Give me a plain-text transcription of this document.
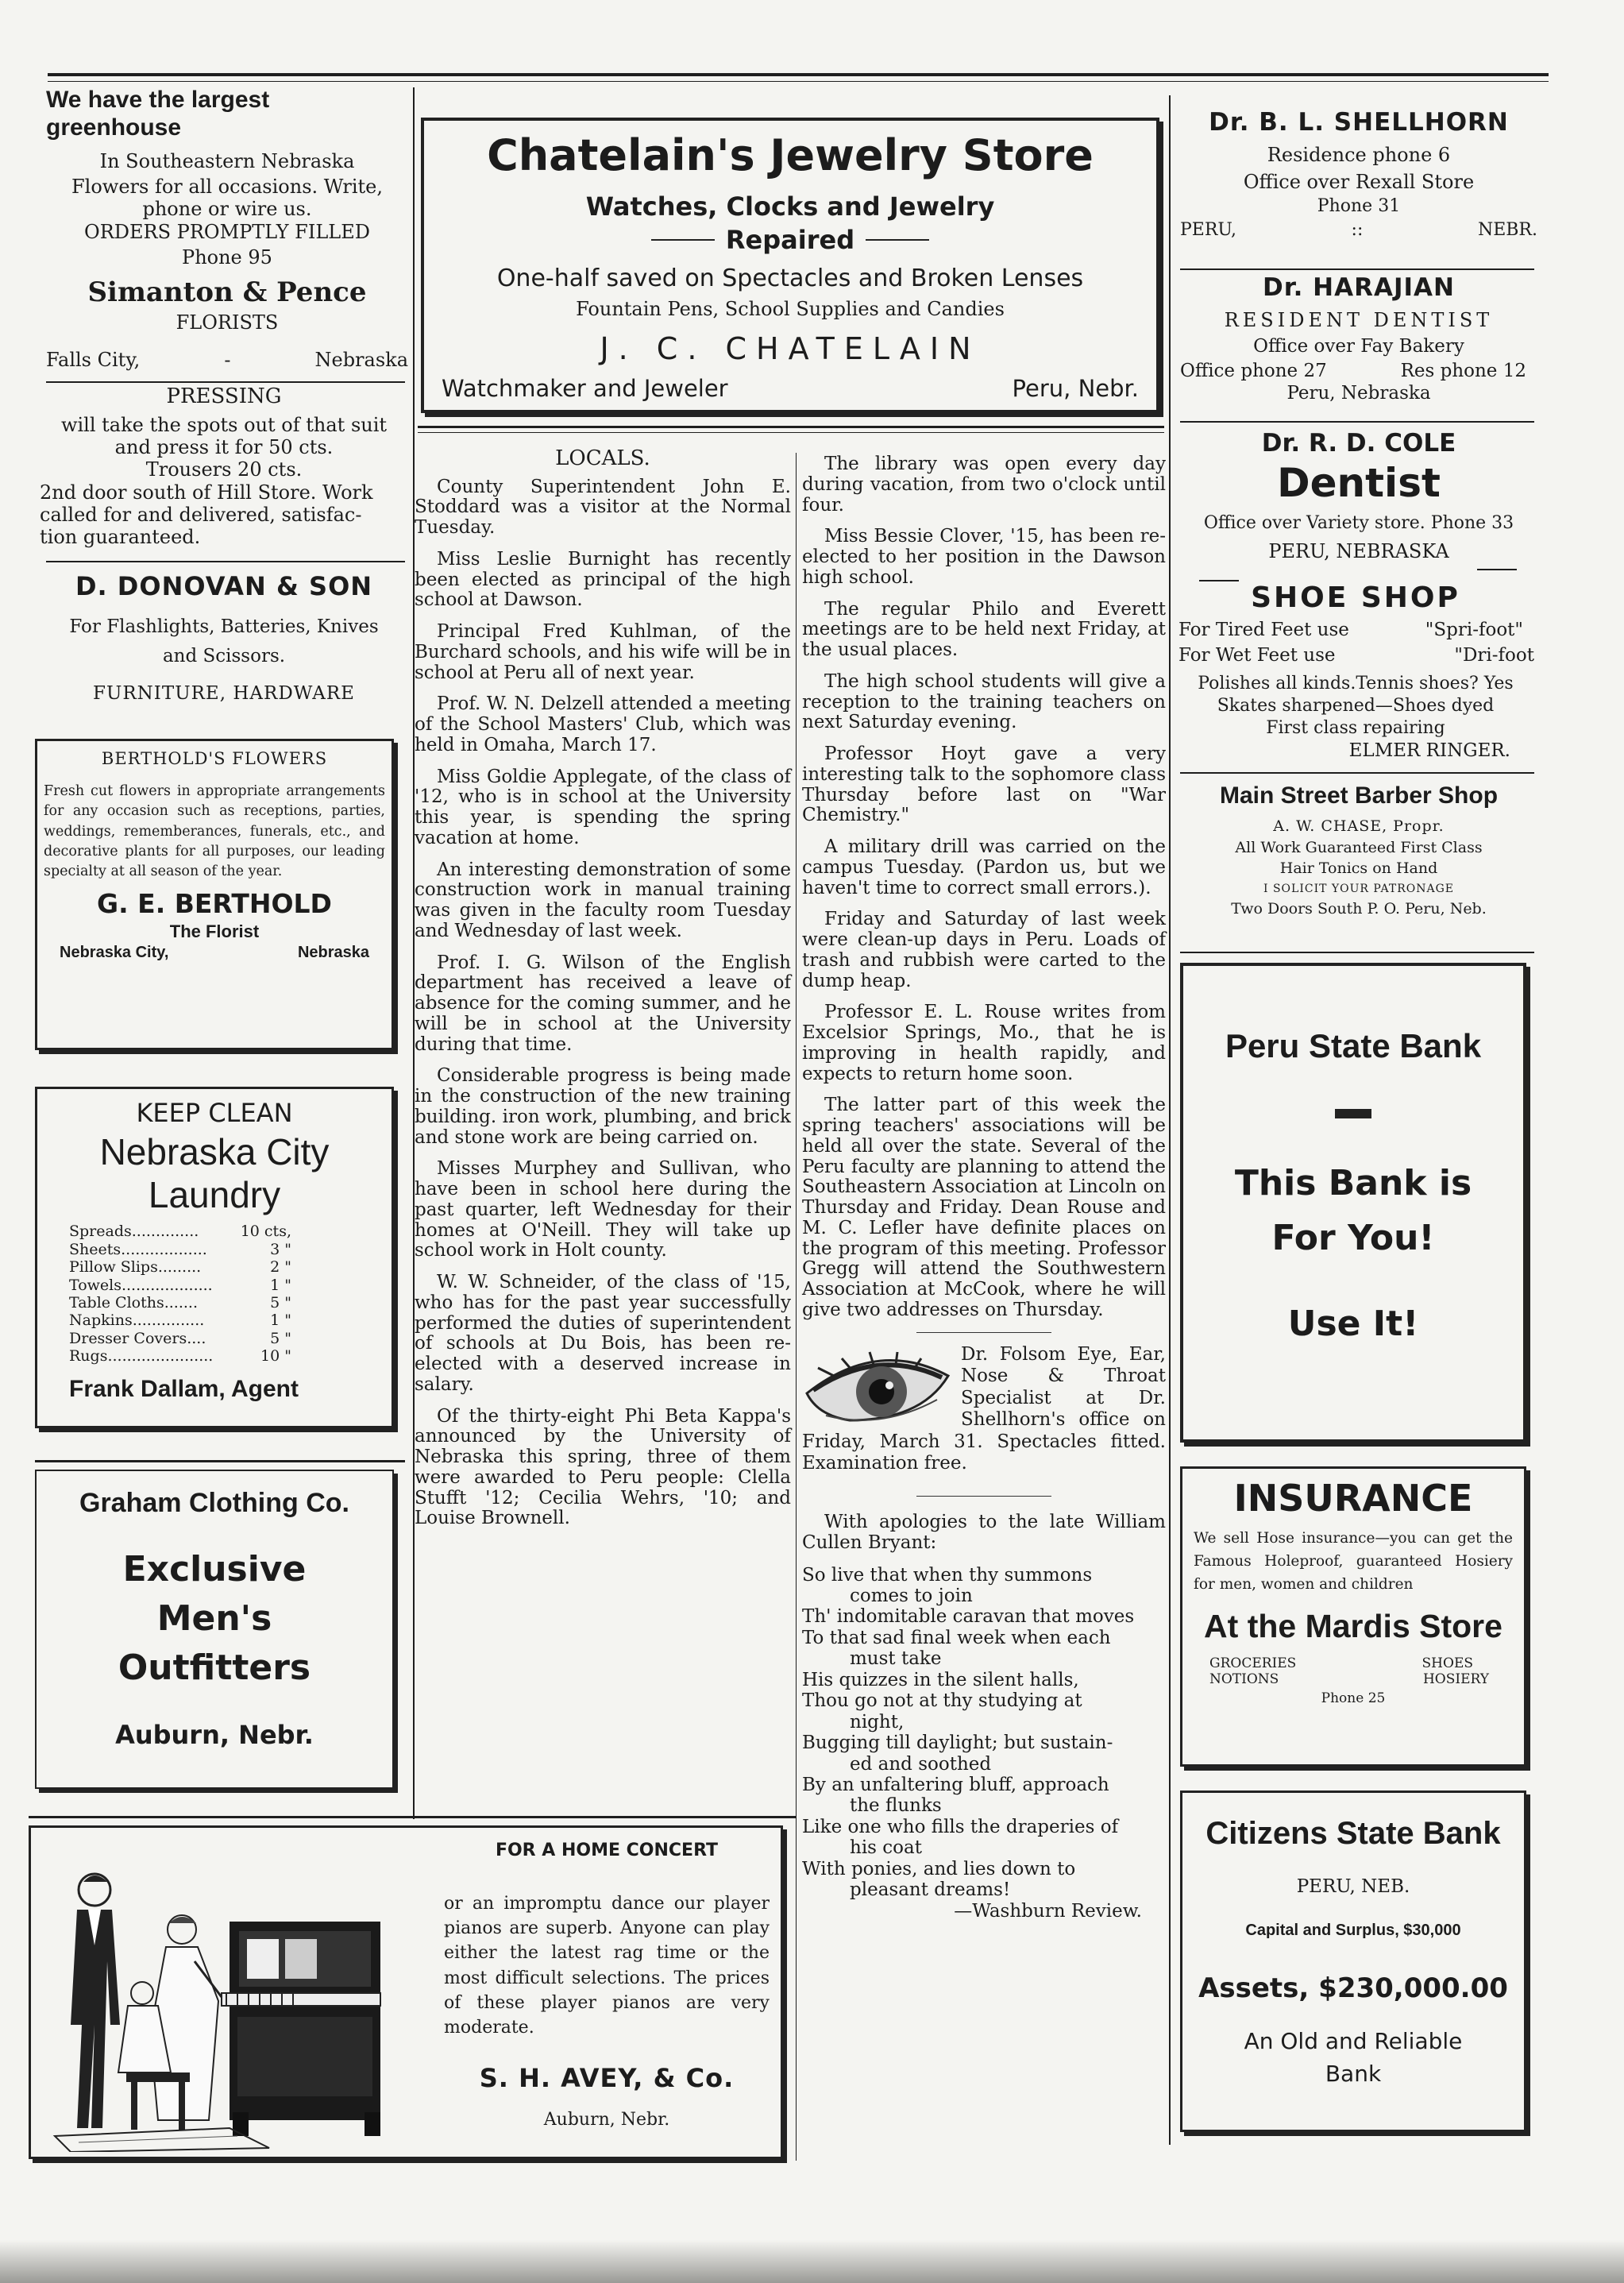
We have the largest greenhouse

In Southeastern Nebraska

Flowers for all occasions. Write,

phone or wire us.

ORDERS PROMPTLY FILLED

Phone 95

Simanton & Pence

FLORISTS

Falls City,	-	Nebraska

PRESSING

will take the spots out of that suit

and press it for 50 cts.

Trousers 20 cts.

2nd door south of Hill Store. Work

called for and delivered, satisfac-

tion guaranteed.

D. DONOVAN & SON

For Flashlights, Batteries, Knives

and Scissors.

FURNITURE, HARDWARE

BERTHOLD'S FLOWERS

Fresh cut flowers in appropriate arrangements for any occasion such as receptions, parties, weddings, rememberances, funerals, etc., and decorative plants for all purposes, our leading specialty at all season of the year.

G. E. BERTHOLD

The Florist

Nebraska City,	Nebraska

KEEP CLEAN

Nebraska City

Laundry

Spreads..............	10 cts,
Sheets..................	3 "
Pillow Slips.........	2 "
Towels...................	1 "
Table Cloths.......	5 "
Napkins...............	1 "
Dresser Covers....	5 "
Rugs......................	10 "

Frank Dallam, Agent

Graham Clothing Co.

Exclusive

Men's

Outfitters

Auburn, Nebr.

Chatelain's Jewelry Store

Watches, Clocks and Jewelry

Repaired

One-half saved on Spectacles and Broken Lenses

Fountain Pens, School Supplies and Candies

J. C. CHATELAIN

Watchmaker and Jeweler	Peru, Nebr.

LOCALS.

County Superintendent John E. Stoddard was a visitor at the Normal Tuesday.

Miss Leslie Burnight has recently been elected as principal of the high school at Dawson.

Principal Fred Kuhlman, of the Burchard schools, and his wife will be in school at Peru all of next year.

Prof. W. N. Delzell attended a meeting of the School Masters' Club, which was held in Omaha, March 17.

Miss Goldie Applegate, of the class of '12, who is in school at the University this year, is spending the spring vacation at home.

An interesting demonstration of some construction work in manual training was given in the faculty room Tuesday and Wednesday of last week.

Prof. I. G. Wilson of the English department has received a leave of absence for the coming summer, and he will be in school at the University during that time.

Considerable progress is being made in the construction of the new training building. iron work, plumbing, and brick and stone work are being carried on.

Misses Murphey and Sullivan, who have been in school here during the past quarter, left Wednesday for their homes at O'Neill. They will take up school work in Holt county.

W. W. Schneider, of the class of '15, who has for the past year successfully performed the duties of superintendent of schools at Du Bois, has been re-elected with a deserved increase in salary.

Of the thirty-eight Phi Beta Kappa's announced by the University of Nebraska this spring, three of them were awarded to Peru people: Clella Stufft '12; Cecilia Wehrs, '10; and Louise Brownell.

The library was open every day during vacation, from two o'clock until four.

Miss Bessie Clover, '15, has been re-elected to her position in the Dawson high school.

The regular Philo and Everett meetings are to be held next Friday, at the usual places.

The high school students will give a reception to the training teachers on next Saturday evening.

Professor Hoyt gave a very interesting talk to the sophomore class Thursday before last on "War Chemistry."

A military drill was carried on the campus Tuesday. (Pardon us, but we haven't time to correct small errors.).

Friday and Saturday of last week were clean-up days in Peru. Loads of trash and rubbish were carted to the dump heap.

Professor E. L. Rouse writes from Excelsior Springs, Mo., that he is improving in health rapidly, and expects to return home soon.

The latter part of this week the spring teachers' associations will be held all over the state. Several of the Peru faculty are planning to attend the Southeastern Association at Lincoln on Thursday and Friday. Dean Rouse and M. C. Lefler have definite places on the program of this meeting. Professor Gregg will attend the Southwestern Association at McCook, where he will give two addresses on Thursday.

Dr. Folsom Eye, Ear, Nose & Throat Specialist at Dr. Shellhorn's office on Friday, March 31. Spectacles fitted. Examination free.

With apologies to the late William Cullen Bryant:

So live that when thy summons

comes to join

Th' indomitable caravan that moves

To that sad final week when each

must take

His quizzes in the silent halls,

Thou go not at thy studying at

night,

Bugging till daylight; but sustain-

ed and soothed

By an unfaltering bluff, approach

the flunks

Like one who fills the draperies of

his coat

With ponies, and lies down to

pleasant dreams!

—Washburn Review.

FOR A HOME CONCERT

or an impromptu dance our player pianos are superb. Anyone can play either the latest rag time or the most difficult selections. The prices of these player pianos are very moderate.

S. H. AVEY, & Co.

Auburn, Nebr.

Dr. B. L. SHELLHORN

Residence phone 6

Office over Rexall Store

Phone 31

PERU,	::	NEBR.

Dr. HARAJIAN

RESIDENT DENTIST

Office over Fay Bakery

Office phone 27	Res phone 12

Peru, Nebraska

Dr. R. D. COLE

Dentist

Office over Variety store. Phone 33

PERU, NEBRASKA

SHOE SHOP

For Tired Feet use	"Spri-foot"
For Wet Feet use	"Dri-foot

Polishes all kinds.Tennis shoes? Yes

Skates sharpened—Shoes dyed

First class repairing

ELMER RINGER.

Main Street Barber Shop

A. W. CHASE, Propr.

All Work Guaranteed First Class

Hair Tonics on Hand

I SOLICIT YOUR PATRONAGE

Two Doors South P. O. Peru, Neb.

Peru State Bank

This Bank is

For You!

Use It!

INSURANCE

We sell Hose insurance—you can get the Famous Holeproof, guaranteed Hosiery for men, women and children

At the Mardis Store

GROCERIES	SHOES
NOTIONS	HOSIERY

Phone 25

Citizens State Bank

PERU, NEB.

Capital and Surplus, $30,000

Assets, $230,000.00

An Old and Reliable

Bank
